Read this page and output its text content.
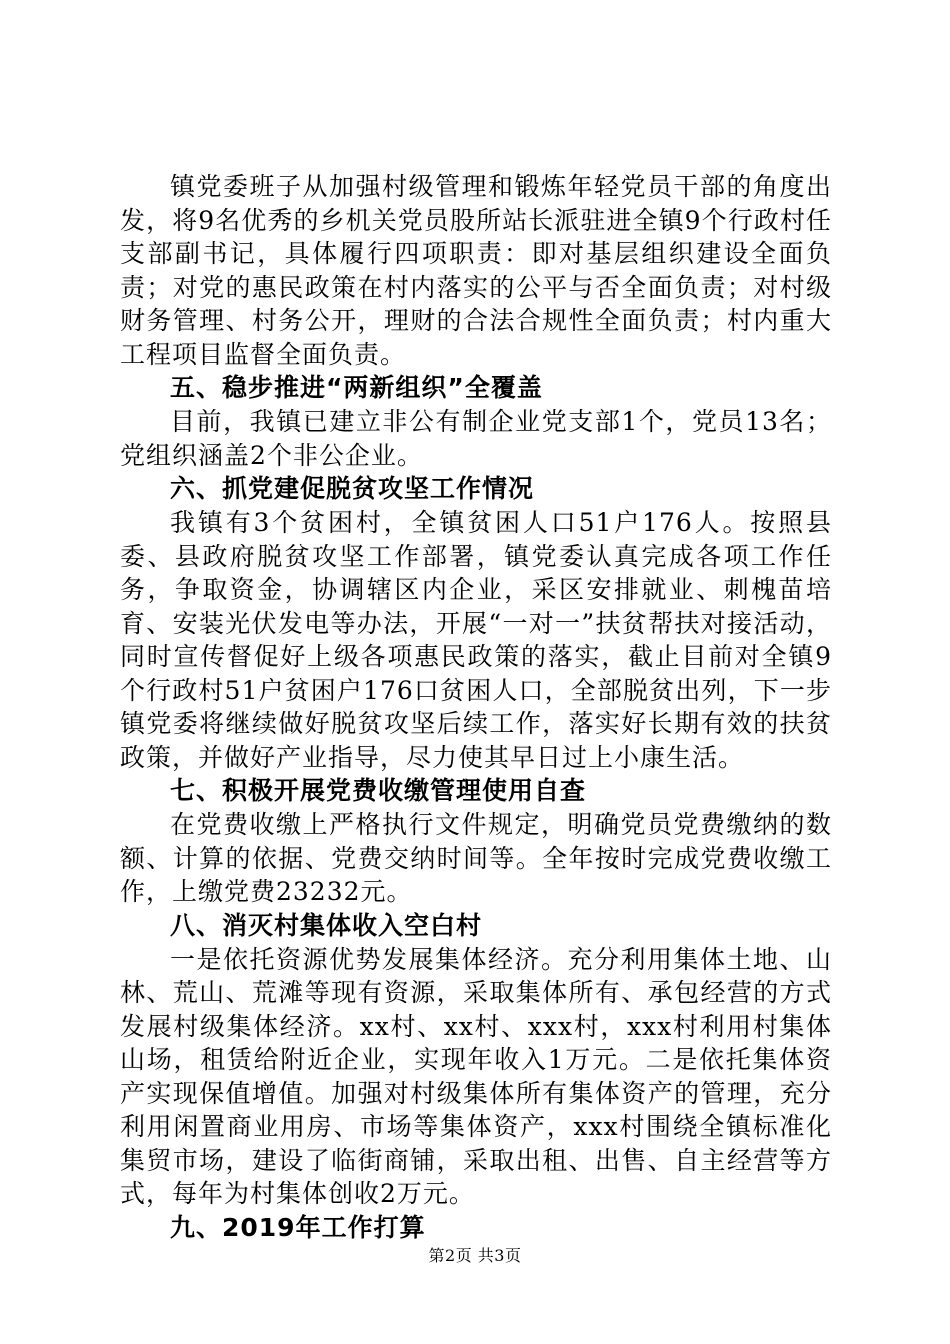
镇党委班子从加强村级管理和锻炼年轻党员干部的角度出发，将9名优秀的乡机关党员股所站长派驻进全镇9个行政村任支部副书记，具体履行四项职责：即对基层组织建设全面负责；对党的惠民政策在村内落实的公平与否全面负责；对村级财务管理、村务公开，理财的合法合规性全面负责；村内重大工程项目监督全面负责。

五、稳步推进“两新组织”全覆盖

目前，我镇已建立非公有制企业党支部1个，党员13名；党组织涵盖2个非公企业。

六、抓党建促脱贫攻坚工作情况

我镇有3个贫困村，全镇贫困人口51户176人。按照县委、县政府脱贫攻坚工作部署，镇党委认真完成各项工作任务，争取资金，协调辖区内企业，采区安排就业、刺槐苗培育、安装光伏发电等办法，开展“一对一”扶贫帮扶对接活动，同时宣传督促好上级各项惠民政策的落实，截止目前对全镇9个行政村51户贫困户176口贫困人口，全部脱贫出列，下一步镇党委将继续做好脱贫攻坚后续工作，落实好长期有效的扶贫政策，并做好产业指导，尽力使其早日过上小康生活。

七、积极开展党费收缴管理使用自查

在党费收缴上严格执行文件规定，明确党员党费缴纳的数额、计算的依据、党费交纳时间等。全年按时完成党费收缴工作，上缴党费23232元。

八、消灭村集体收入空白村

一是依托资源优势发展集体经济。充分利用集体土地、山林、荒山、荒滩等现有资源，采取集体所有、承包经营的方式发展村级集体经济。xx村、xx村、xxx村，xxx村利用村集体山场，租赁给附近企业，实现年收入1万元。二是依托集体资产实现保值增值。加强对村级集体所有集体资产的管理，充分利用闲置商业用房、市场等集体资产，xxx村围绕全镇标准化集贸市场，建设了临街商铺，采取出租、出售、自主经营等方式，每年为村集体创收2万元。

九、2019年工作打算

第2页 共3页
